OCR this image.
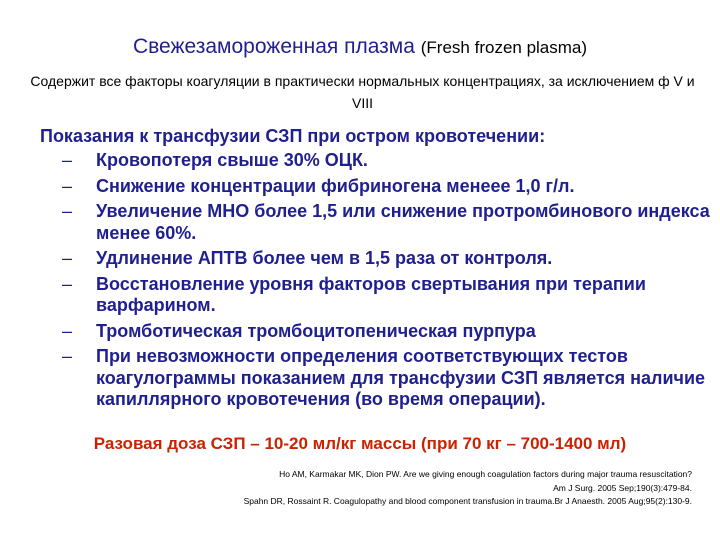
Свежезамороженная плазма (Fresh frozen plasma)
Содержит все факторы коагуляции в практически нормальных концентрациях, за исключением ф V и VIII
Показания к трансфузии СЗП при остром кровотечении:
– Кровопотеря свыше 30% ОЦК.
– Снижение концентрации фибриногена менеее 1,0 г/л.
– Увеличение МНО более 1,5 или снижение протромбинового индекса менее 60%.
– Удлинение АПТВ более чем в 1,5 раза от контроля.
– Восстановление уровня факторов свертывания при терапии варфарином.
– Тромботическая тромбоцитопеническая пурпура
– При невозможности определения соответствующих тестов коагулограммы показанием для трансфузии СЗП является наличие капиллярного кровотечения (во время операции).
Разовая доза СЗП – 10-20 мл/кг массы (при 70 кг – 700-1400 мл)
Ho AM, Karmakar MK, Dion PW. Are we giving enough coagulation factors during major trauma resuscitation?
Am J Surg. 2005 Sep;190(3):479-84.
Spahn DR, Rossaint R. Coagulopathy and blood component transfusion in trauma.Br J Anaesth. 2005 Aug;95(2):130-9.
